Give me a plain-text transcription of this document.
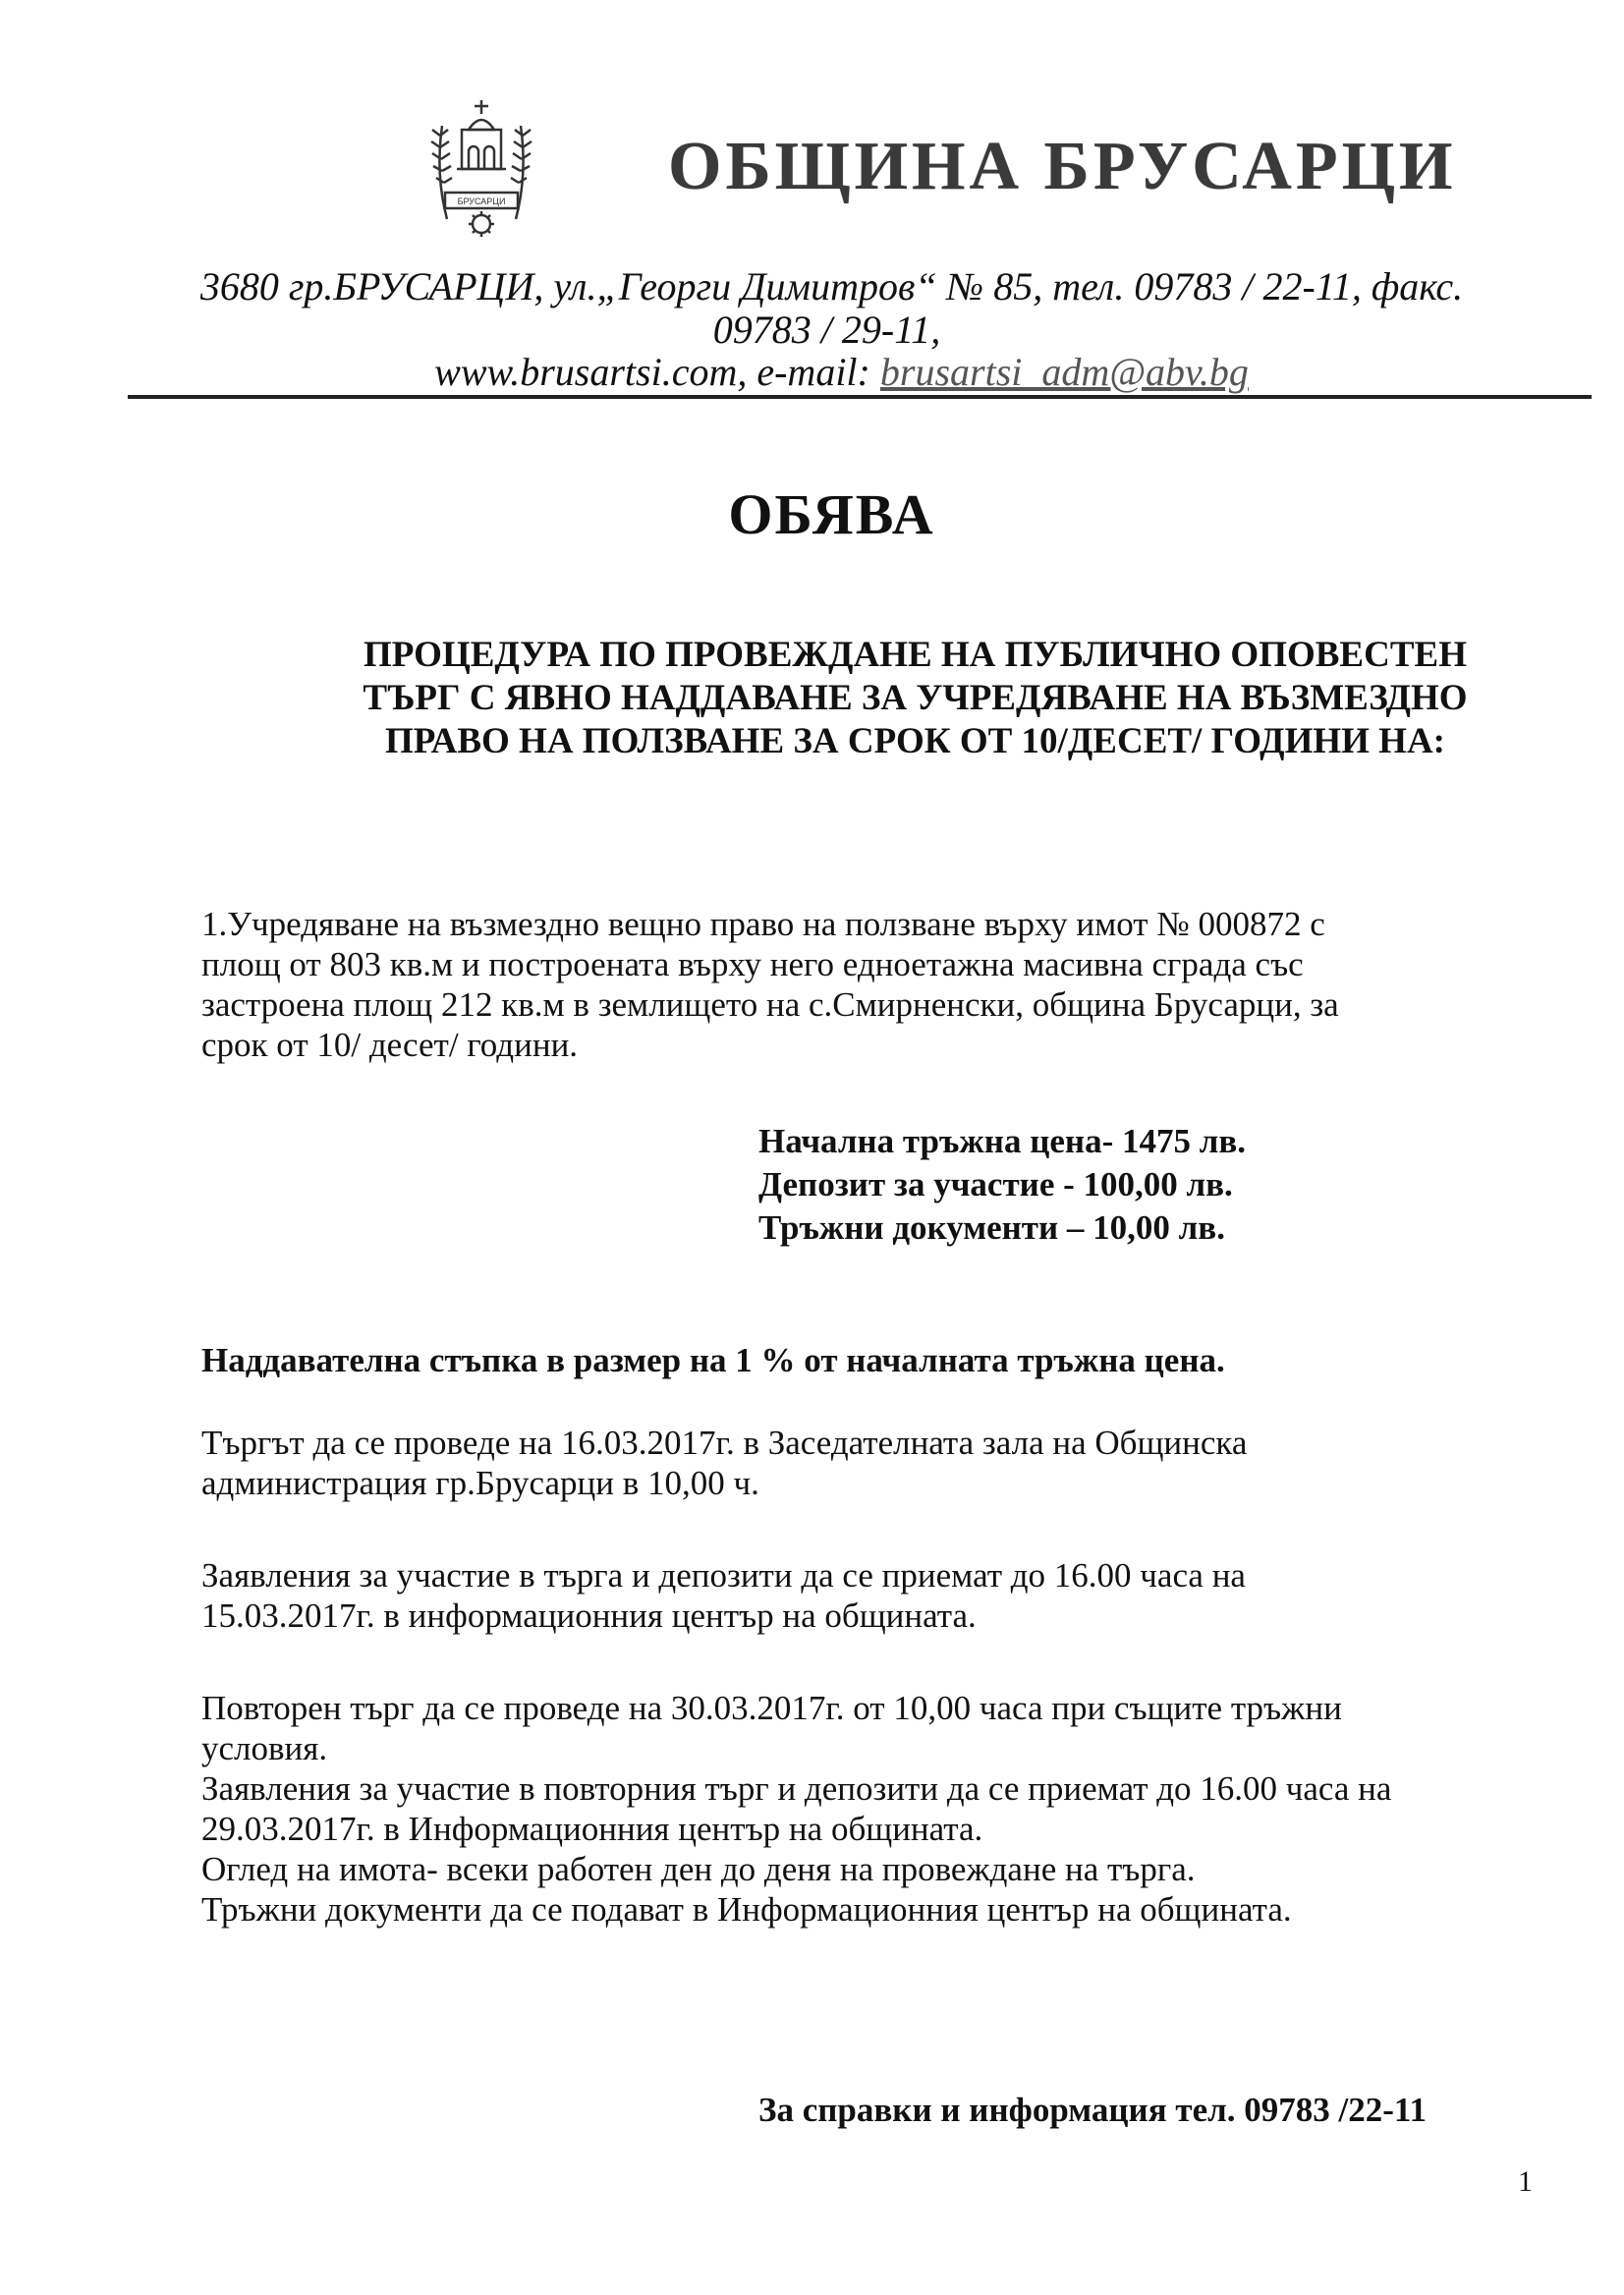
БРУСАРЦИ	ОБЩИНА БРУСАРЦИ
3680 гр.БРУСАРЦИ, ул.„Георги Димитров“ № 85, тел. 09783 / 22-11, факс.
09783 / 29-11,
www.brusartsi.com, e-mail: brusartsi_adm@abv.bg
ОБЯВА
ПРОЦЕДУРА ПО ПРОВЕЖДАНЕ НА ПУБЛИЧНО ОПОВЕСТЕН
ТЪРГ С ЯВНО НАДДАВАНЕ ЗА УЧРЕДЯВАНЕ НА ВЪЗМЕЗДНО
ПРАВО НА ПОЛЗВАНЕ ЗА СРОК ОТ 10/ДЕСЕТ/ ГОДИНИ НА:
1.Учредяване на възмездно вещно право на ползване върху имот № 000872 с
площ от 803 кв.м и построената върху него едноетажна масивна сграда със
застроена площ 212 кв.м в землището на с.Смирненски, община Брусарци, за
срок от 10/ десет/ години.
Начална тръжна цена- 1475 лв.
Депозит за участие - 100,00 лв.
Тръжни документи – 10,00 лв.
Наддавателна стъпка в размер на 1 % от началната тръжна цена.
Търгът да се проведе на 16.03.2017г. в Заседателната зала на Общинска
администрация гр.Брусарци в 10,00 ч.
Заявления за участие в търга и депозити да се приемат до 16.00 часа на
15.03.2017г. в информационния център на общината.
Повторен търг да се проведе на 30.03.2017г. от 10,00 часа при същите тръжни
условия.
Заявления за участие в повторния търг и депозити да се приемат до 16.00 часа на
29.03.2017г. в Информационния център на общината.
Оглед на имота- всеки работен ден до деня на провеждане на търга.
Тръжни документи да се подават в Информационния център на общината.
За справки и информация тел. 09783 /22-11
1
